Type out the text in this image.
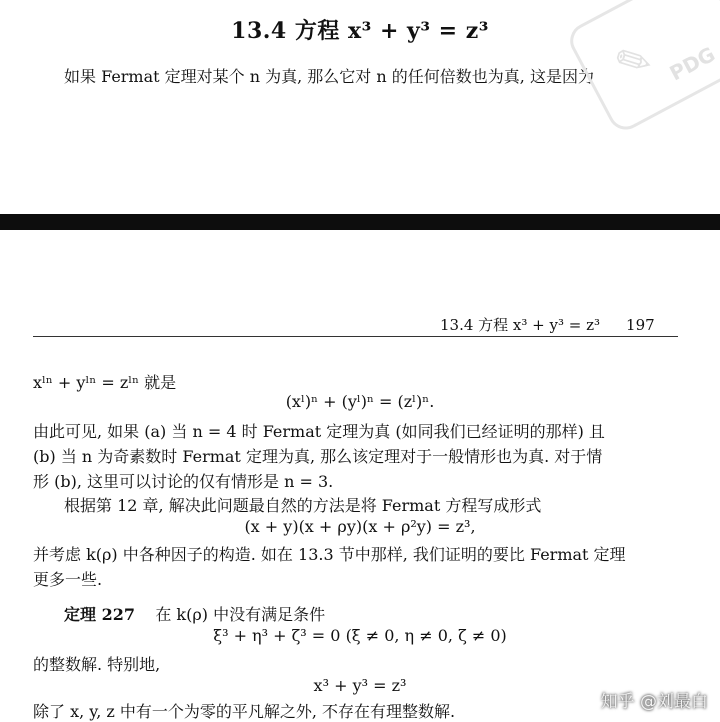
13.4 方程 x³ + y³ = z³
如果 Fermat 定理对某个 n 为真, 那么它对 n 的任何倍数也为真, 这是因为 ✎ PDG
13.4 方程 x³ + y³ = z³ 197
xˡⁿ + yˡⁿ = zˡⁿ 就是
(xˡ)ⁿ + (yˡ)ⁿ = (zˡ)ⁿ.
由此可见, 如果 (a) 当 n = 4 时 Fermat 定理为真 (如同我们已经证明的那样) 且
(b) 当 n 为奇素数时 Fermat 定理为真, 那么该定理对于一般情形也为真. 对于情
形 (b), 这里可以讨论的仅有情形是 n = 3.
根据第 12 章, 解决此问题最自然的方法是将 Fermat 方程写成形式
(x + y)(x + ρy)(x + ρ²y) = z³,
并考虑 k(ρ) 中各种因子的构造. 如在 13.3 节中那样, 我们证明的要比 Fermat 定理
更多一些.
定理 227 在 k(ρ) 中没有满足条件
ξ³ + η³ + ζ³ = 0 (ξ ≠ 0, η ≠ 0, ζ ≠ 0)
的整数解. 特别地,
x³ + y³ = z³
除了 x, y, z 中有一个为零的平凡解之外, 不存在有理整数解.	知乎 @刘最白
